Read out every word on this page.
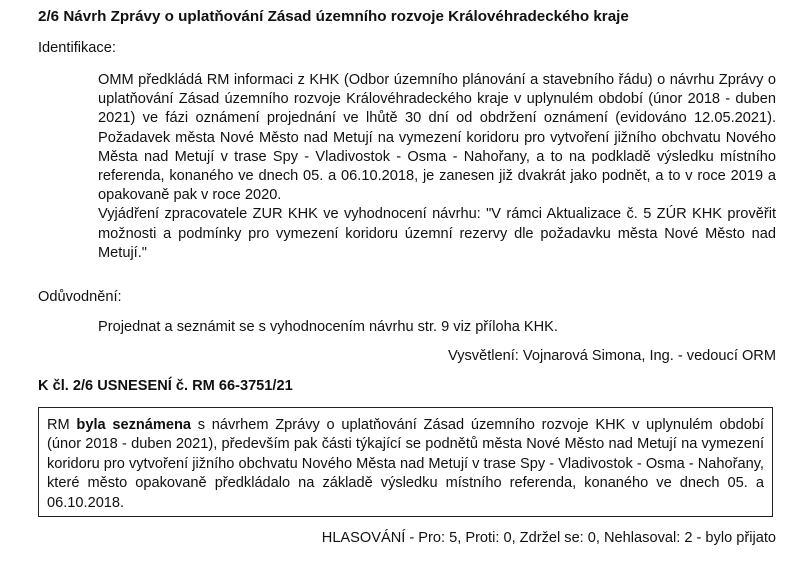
2/6 Návrh Zprávy o uplatňování Zásad územního rozvoje Královéhradeckého kraje
Identifikace:

OMM předkládá RM informaci z KHK (Odbor územního plánování a stavebního řádu) o návrhu Zprávy o uplatňování Zásad územního rozvoje Královéhradeckého kraje v uplynulém období (únor 2018 - duben 2021) ve fázi oznámení projednání ve lhůtě 30 dní od obdržení oznámení (evidováno 12.05.2021). Požadavek města Nové Město nad Metují na vymezení koridoru pro vytvoření jižního obchvatu Nového Města nad Metují v trase Spy - Vladivostok - Osma - Nahořany, a to na podkladě výsledku místního referenda, konaného ve dnech 05. a 06.10.2018, je zanesen již dvakrát jako podnět, a to v roce 2019 a opakovaně pak v roce 2020.

Vyjádření zpracovatele ZUR KHK ve vyhodnocení návrhu: "V rámci Aktualizace č. 5 ZÚR KHK prověřit možnosti a podmínky pro vymezení koridoru územní rezervy dle požadavku města Nové Město nad Metují."

Odůvodnění:
Projednat a seznámit se s vyhodnocením návrhu str. 9 viz příloha KHK.
Vysvětlení: Vojnarová Simona, Ing. - vedoucí ORM
K čl. 2/6 USNESENÍ č. RM 66-3751/21
RM byla seznámena s návrhem Zprávy o uplatňování Zásad územního rozvoje KHK v uplynulém období (únor 2018 - duben 2021), především pak části týkající se podnětů města Nové Město nad Metují na vymezení koridoru pro vytvoření jižního obchvatu Nového Města nad Metují v trase Spy - Vladivostok - Osma - Nahořany, které město opakovaně předkládalo na základě výsledku místního referenda, konaného ve dnech 05. a 06.10.2018.
HLASOVÁNÍ - Pro: 5, Proti: 0, Zdržel se: 0, Nehlasoval: 2 - bylo přijato
